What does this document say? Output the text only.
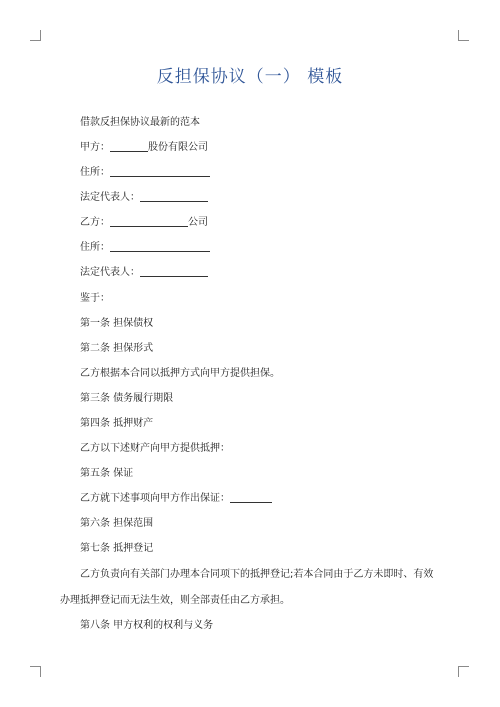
反担保协议（一） 模板
借款反担保协议最新的范本
甲方：	股份有限公司
住所：
法定代表人：
乙方：	公司
住所：
法定代表人：
鉴于：
第一条 担保债权
第二条 担保形式
乙方根据本合同以抵押方式向甲方提供担保。
第三条 债务履行期限
第四条 抵押财产
乙方以下述财产向甲方提供抵押：
第五条 保证
乙方就下述事项向甲方作出保证：
第六条 担保范围
第七条 抵押登记
乙方负责向有关部门办理本合同项下的抵押登记;若本合同由于乙方未即时、有效
办理抵押登记而无法生效，则全部责任由乙方承担。
第八条 甲方权利的权利与义务
